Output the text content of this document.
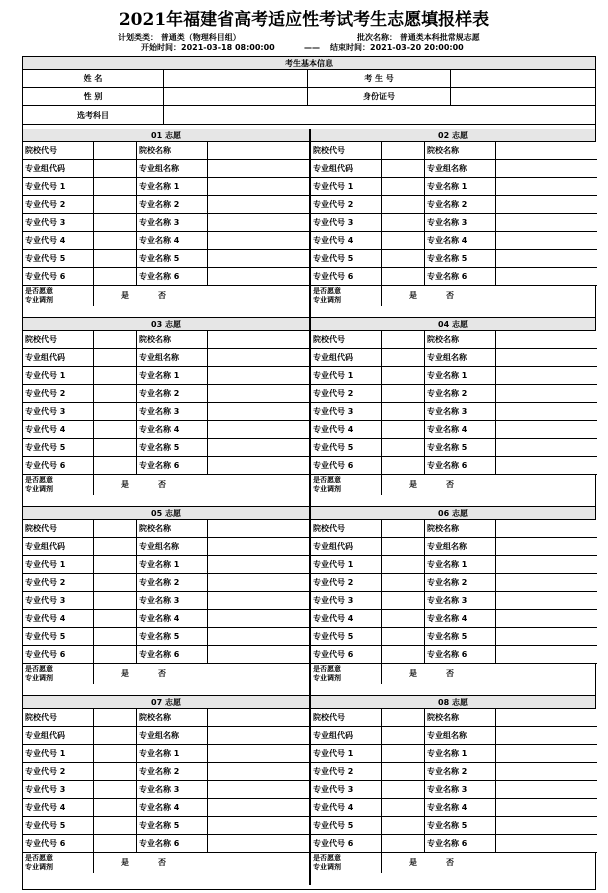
2021年福建省高考适应性考试考生志愿填报样表
计划类类： 普通类（物理科目组）	批次名称： 普通类本科批常规志愿
开始时间：2021-03-18 08:00:00	—— 结束时间：2021-03-20 20:00:00
考生基本信息
姓 名	考 生 号
性 别	身份证号
选考科目
01 志愿
院校代号	院校名称
专业组代码	专业组名称
专业代号 1	专业名称 1
专业代号 2	专业名称 2
专业代号 3	专业名称 3
专业代号 4	专业名称 4
专业代号 5	专业名称 5
专业代号 6	专业名称 6
是否愿意
专业调剂	是	否
02 志愿
院校代号	院校名称
专业组代码	专业组名称
专业代号 1	专业名称 1
专业代号 2	专业名称 2
专业代号 3	专业名称 3
专业代号 4	专业名称 4
专业代号 5	专业名称 5
专业代号 6	专业名称 6
是否愿意
专业调剂	是	否
03 志愿
院校代号	院校名称
专业组代码	专业组名称
专业代号 1	专业名称 1
专业代号 2	专业名称 2
专业代号 3	专业名称 3
专业代号 4	专业名称 4
专业代号 5	专业名称 5
专业代号 6	专业名称 6
是否愿意
专业调剂	是	否
04 志愿
院校代号	院校名称
专业组代码	专业组名称
专业代号 1	专业名称 1
专业代号 2	专业名称 2
专业代号 3	专业名称 3
专业代号 4	专业名称 4
专业代号 5	专业名称 5
专业代号 6	专业名称 6
是否愿意
专业调剂	是	否
05 志愿
院校代号	院校名称
专业组代码	专业组名称
专业代号 1	专业名称 1
专业代号 2	专业名称 2
专业代号 3	专业名称 3
专业代号 4	专业名称 4
专业代号 5	专业名称 5
专业代号 6	专业名称 6
是否愿意
专业调剂	是	否
06 志愿
院校代号	院校名称
专业组代码	专业组名称
专业代号 1	专业名称 1
专业代号 2	专业名称 2
专业代号 3	专业名称 3
专业代号 4	专业名称 4
专业代号 5	专业名称 5
专业代号 6	专业名称 6
是否愿意
专业调剂	是	否
07 志愿
院校代号	院校名称
专业组代码	专业组名称
专业代号 1	专业名称 1
专业代号 2	专业名称 2
专业代号 3	专业名称 3
专业代号 4	专业名称 4
专业代号 5	专业名称 5
专业代号 6	专业名称 6
是否愿意
专业调剂	是	否
08 志愿
院校代号	院校名称
专业组代码	专业组名称
专业代号 1	专业名称 1
专业代号 2	专业名称 2
专业代号 3	专业名称 3
专业代号 4	专业名称 4
专业代号 5	专业名称 5
专业代号 6	专业名称 6
是否愿意
专业调剂	是	否
